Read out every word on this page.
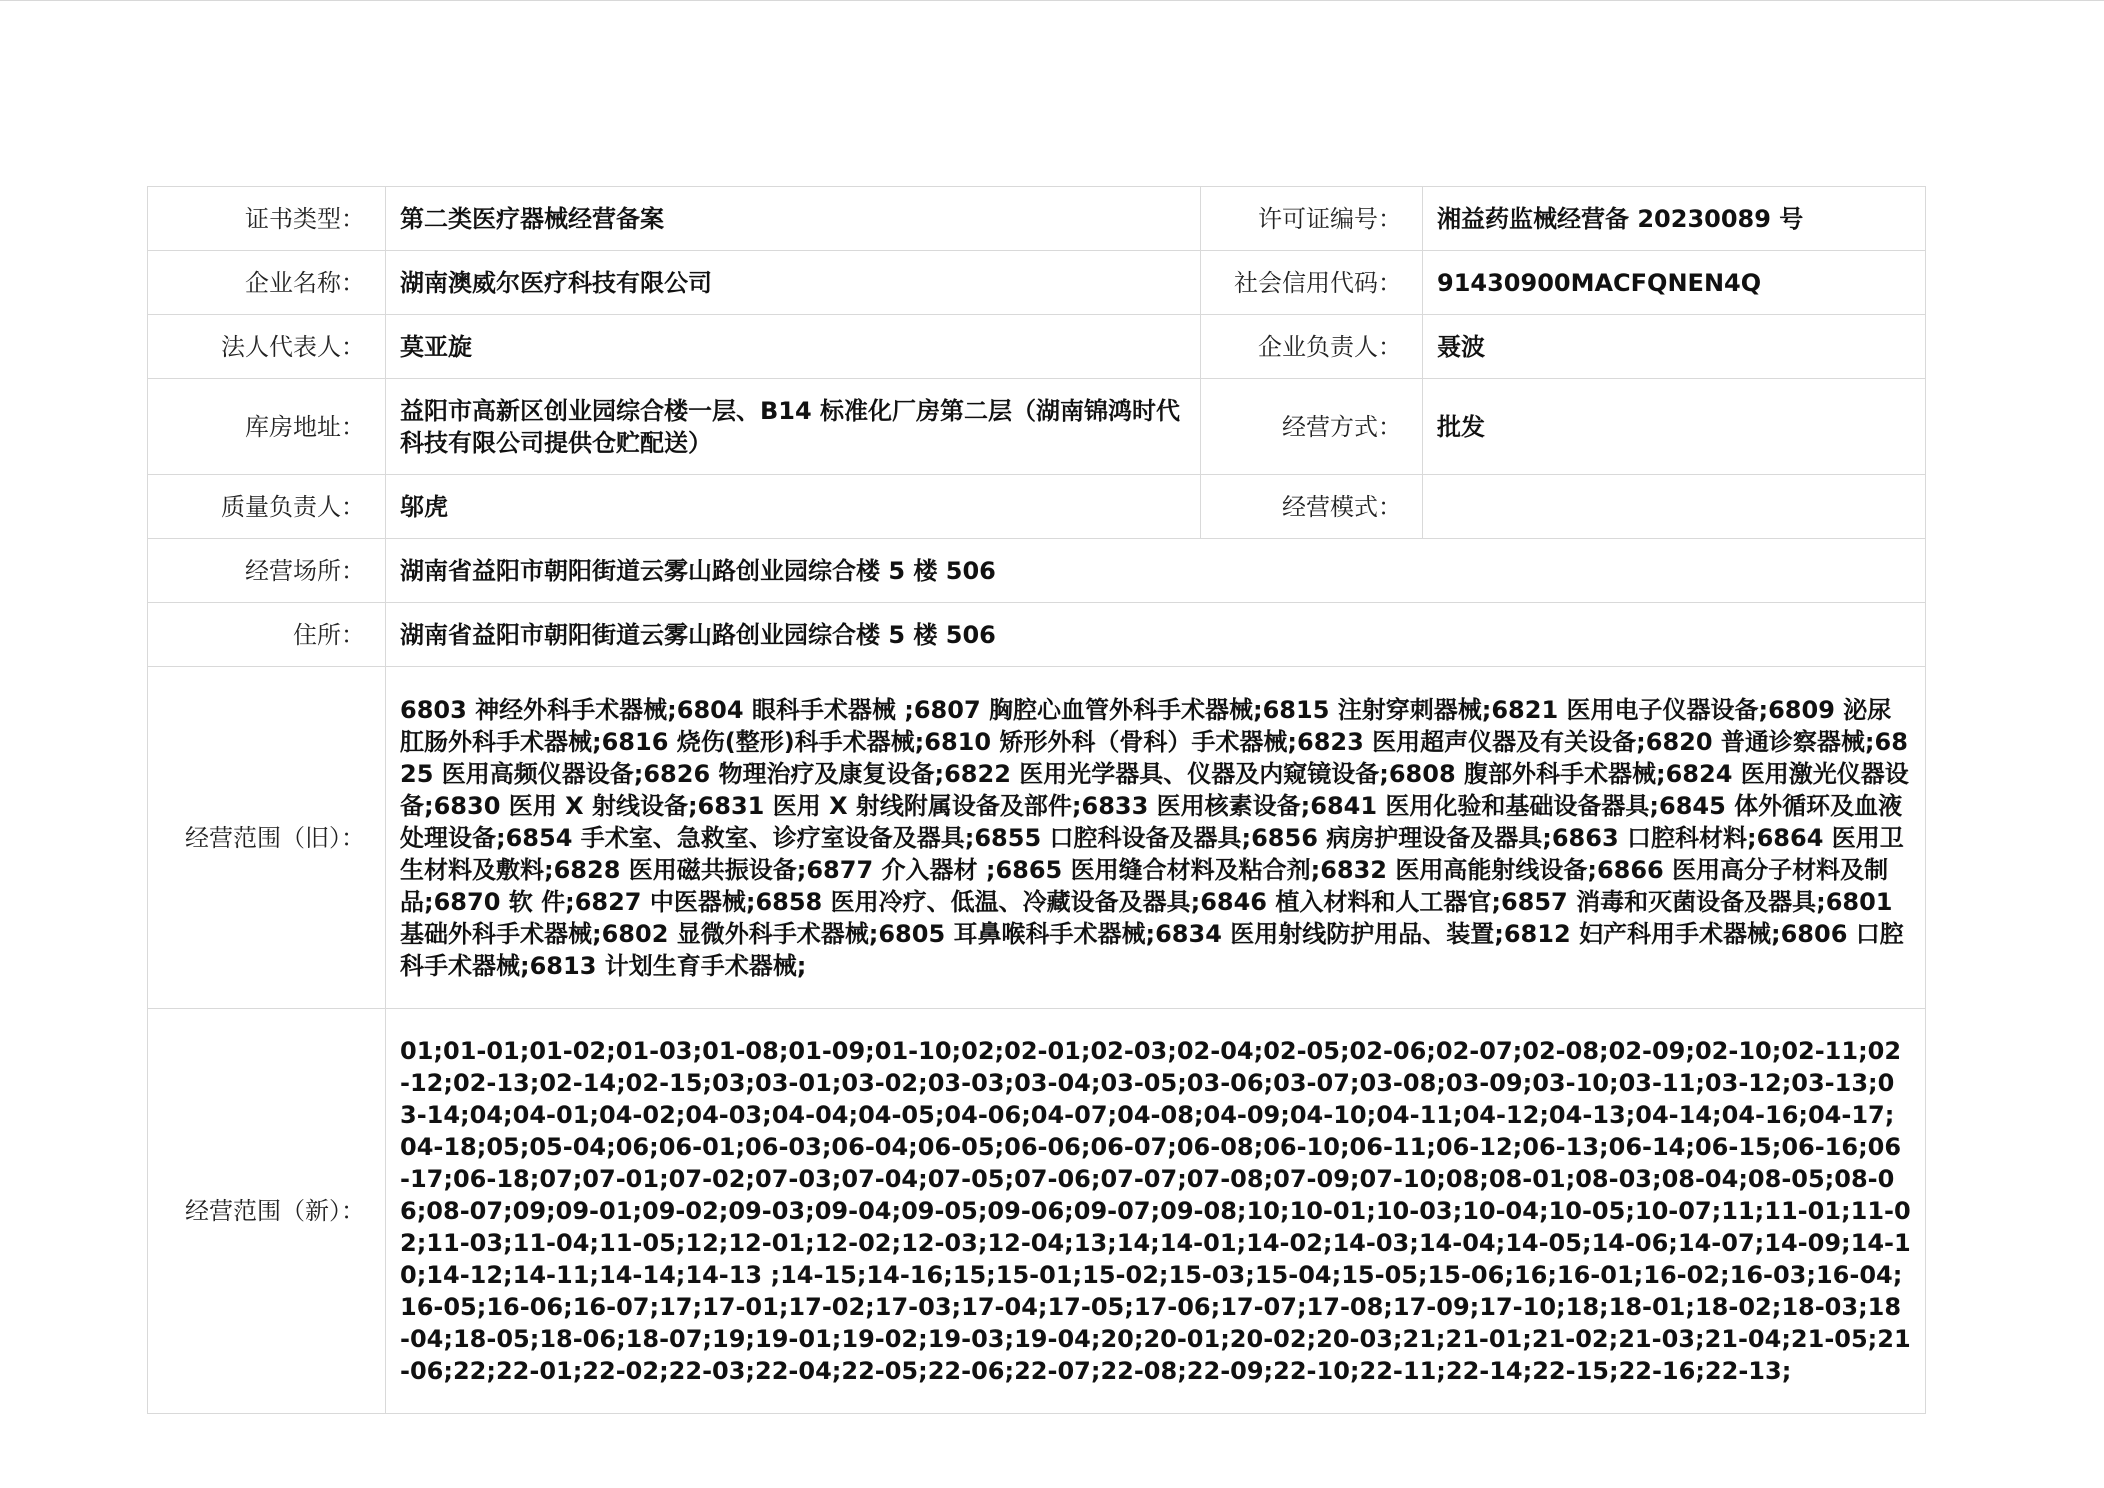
证书类型：	第二类医疗器械经营备案	许可证编号：	湘益药监械经营备 20230089 号
企业名称：	湖南澳威尔医疗科技有限公司	社会信用代码：	91430900MACFQNEN4Q
法人代表人：	莫亚旋	企业负责人：	聂波
库房地址：	益阳市高新区创业园综合楼一层、B14 标准化厂房第二层（湖南锦鸿时代科技有限公司提供仓贮配送）	经营方式：	批发
质量负责人：	邬虎	经营模式：	
经营场所：	湖南省益阳市朝阳街道云雾山路创业园综合楼 5 楼 506		
住所：	湖南省益阳市朝阳街道云雾山路创业园综合楼 5 楼 506		
经营范围（旧）：	6803 神经外科手术器械;6804 眼科手术器械 ;6807 胸腔心血管外科手术器械;6815 注射穿刺器械;6821 医用电子仪器设备;6809 泌尿肛肠外科手术器械;6816 烧伤(整形)科手术器械;6810 矫形外科（骨科）手术器械;6823 医用超声仪器及有关设备;6820 普通诊察器械;6825 医用高频仪器设备;6826 物理治疗及康复设备;6822 医用光学器具、仪器及内窥镜设备;6808 腹部外科手术器械;6824 医用激光仪器设备;6830 医用 X 射线设备;6831 医用 X 射线附属设备及部件;6833 医用核素设备;6841 医用化验和基础设备器具;6845 体外循环及血液处理设备;6854 手术室、急救室、诊疗室设备及器具;6855 口腔科设备及器具;6856 病房护理设备及器具;6863 口腔科材料;6864 医用卫生材料及敷料;6828 医用磁共振设备;6877 介入器材 ;6865 医用缝合材料及粘合剂;6832 医用高能射线设备;6866 医用高分子材料及制品;6870 软 件;6827 中医器械;6858 医用冷疗、低温、冷藏设备及器具;6846 植入材料和人工器官;6857 消毒和灭菌设备及器具;6801 基础外科手术器械;6802 显微外科手术器械;6805 耳鼻喉科手术器械;6834 医用射线防护用品、装置;6812 妇产科用手术器械;6806 口腔科手术器械;6813 计划生育手术器械;		
经营范围（新）：	01;01-01;01-02;01-03;01-08;01-09;01-10;02;02-01;02-03;02-04;02-05;02-06;02-07;02-08;02-09;02-10;02-11;02-12;02-13;02-14;02-15;03;03-01;03-02;03-03;03-04;03-05;03-06;03-07;03-08;03-09;03-10;03-11;03-12;03-13;03-14;04;04-01;04-02;04-03;04-04;04-05;04-06;04-07;04-08;04-09;04-10;04-11;04-12;04-13;04-14;04-16;04-17;04-18;05;05-04;06;06-01;06-03;06-04;06-05;06-06;06-07;06-08;06-10;06-11;06-12;06-13;06-14;06-15;06-16;06-17;06-18;07;07-01;07-02;07-03;07-04;07-05;07-06;07-07;07-08;07-09;07-10;08;08-01;08-03;08-04;08-05;08-06;08-07;09;09-01;09-02;09-03;09-04;09-05;09-06;09-07;09-08;10;10-01;10-03;10-04;10-05;10-07;11;11-01;11-02;11-03;11-04;11-05;12;12-01;12-02;12-03;12-04;13;14;14-01;14-02;14-03;14-04;14-05;14-06;14-07;14-09;14-10;14-12;14-11;14-14;14-13 ;14-15;14-16;15;15-01;15-02;15-03;15-04;15-05;15-06;16;16-01;16-02;16-03;16-04;16-05;16-06;16-07;17;17-01;17-02;17-03;17-04;17-05;17-06;17-07;17-08;17-09;17-10;18;18-01;18-02;18-03;18-04;18-05;18-06;18-07;19;19-01;19-02;19-03;19-04;20;20-01;20-02;20-03;21;21-01;21-02;21-03;21-04;21-05;21-06;22;22-01;22-02;22-03;22-04;22-05;22-06;22-07;22-08;22-09;22-10;22-11;22-14;22-15;22-16;22-13;		
